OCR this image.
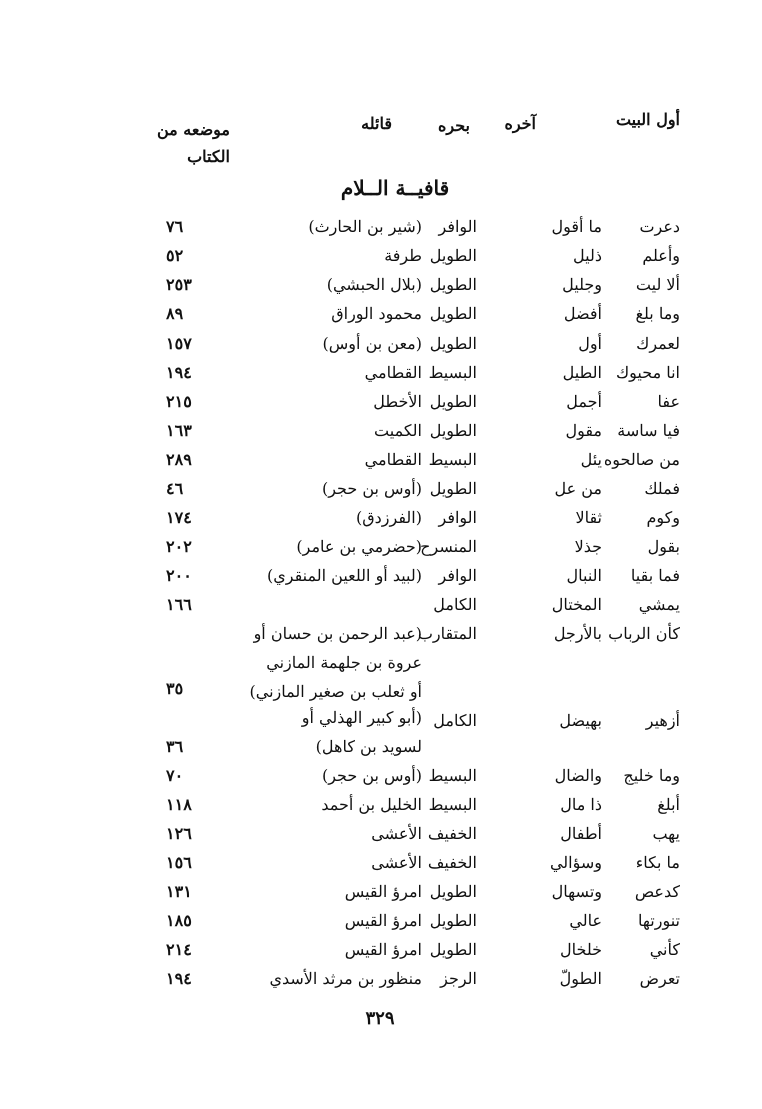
أول البيت
آخره
بحره
قائله
موضعه من الكتاب
قافيــة الــلام
دعرت
ما أقول
الوافر
(شير بن الحارث)
٧٦
وأعلم
ذليل
الطويل
طرفة
٥٢
ألا ليت
وجليل
الطويل
(بلال الحبشي)
٢٥٣
وما بلغ
أفضل
الطويل
محمود الوراق
٨٩
لعمرك
أول
الطويل
(معن بن أوس)
١٥٧
انا محيوك
الطيل
البسيط
القطامي
١٩٤
عفا
أجمل
الطويل
الأخطل
٢١٥
فيا ساسة
مقول
الطويل
الكميت
١٦٣
من صالحوه
يئل
البسيط
القطامي
٢٨٩
فملك
من عل
الطويل
(أوس بن حجر)
٤٦
وكوم
ثقالا
الوافر
(الفرزدق)
١٧٤
بقول
جذلا
المنسرح
(حضرمي بن عامر)
٢٠٢
فما بقيا
النبال
الوافر
(لبيد أو اللعين المنقري)
٢٠٠
يمشي
المختال
الكامل
١٦٦
كأن الرباب
بالأرجل
المتقارب
(عبد الرحمن بن حسان أو
عروة بن جلهمة المازني
أو ثعلب بن صغير المازني)
٣٥
أزهير
بهيضل
الكامل
(أبو كبير الهذلي أو
لسويد بن كاهل)
٣٦
وما خليج
والضال
البسيط
(أوس بن حجر)
٧٠
أبلغ
ذا مال
البسيط
الخليل بن أحمد
١١٨
يهب
أطفال
الخفيف
الأعشى
١٢٦
ما بكاء
وسؤالي
الخفيف
الأعشى
١٥٦
كدعص
وتسهال
الطويل
امرؤ القيس
١٣١
تنورتها
عالي
الطويل
امرؤ القيس
١٨٥
كأني
خلخال
الطويل
امرؤ القيس
٢١٤
تعرض
الطولّ
الرجز
منظور بن مرثد الأسدي
١٩٤
٣٢٩
